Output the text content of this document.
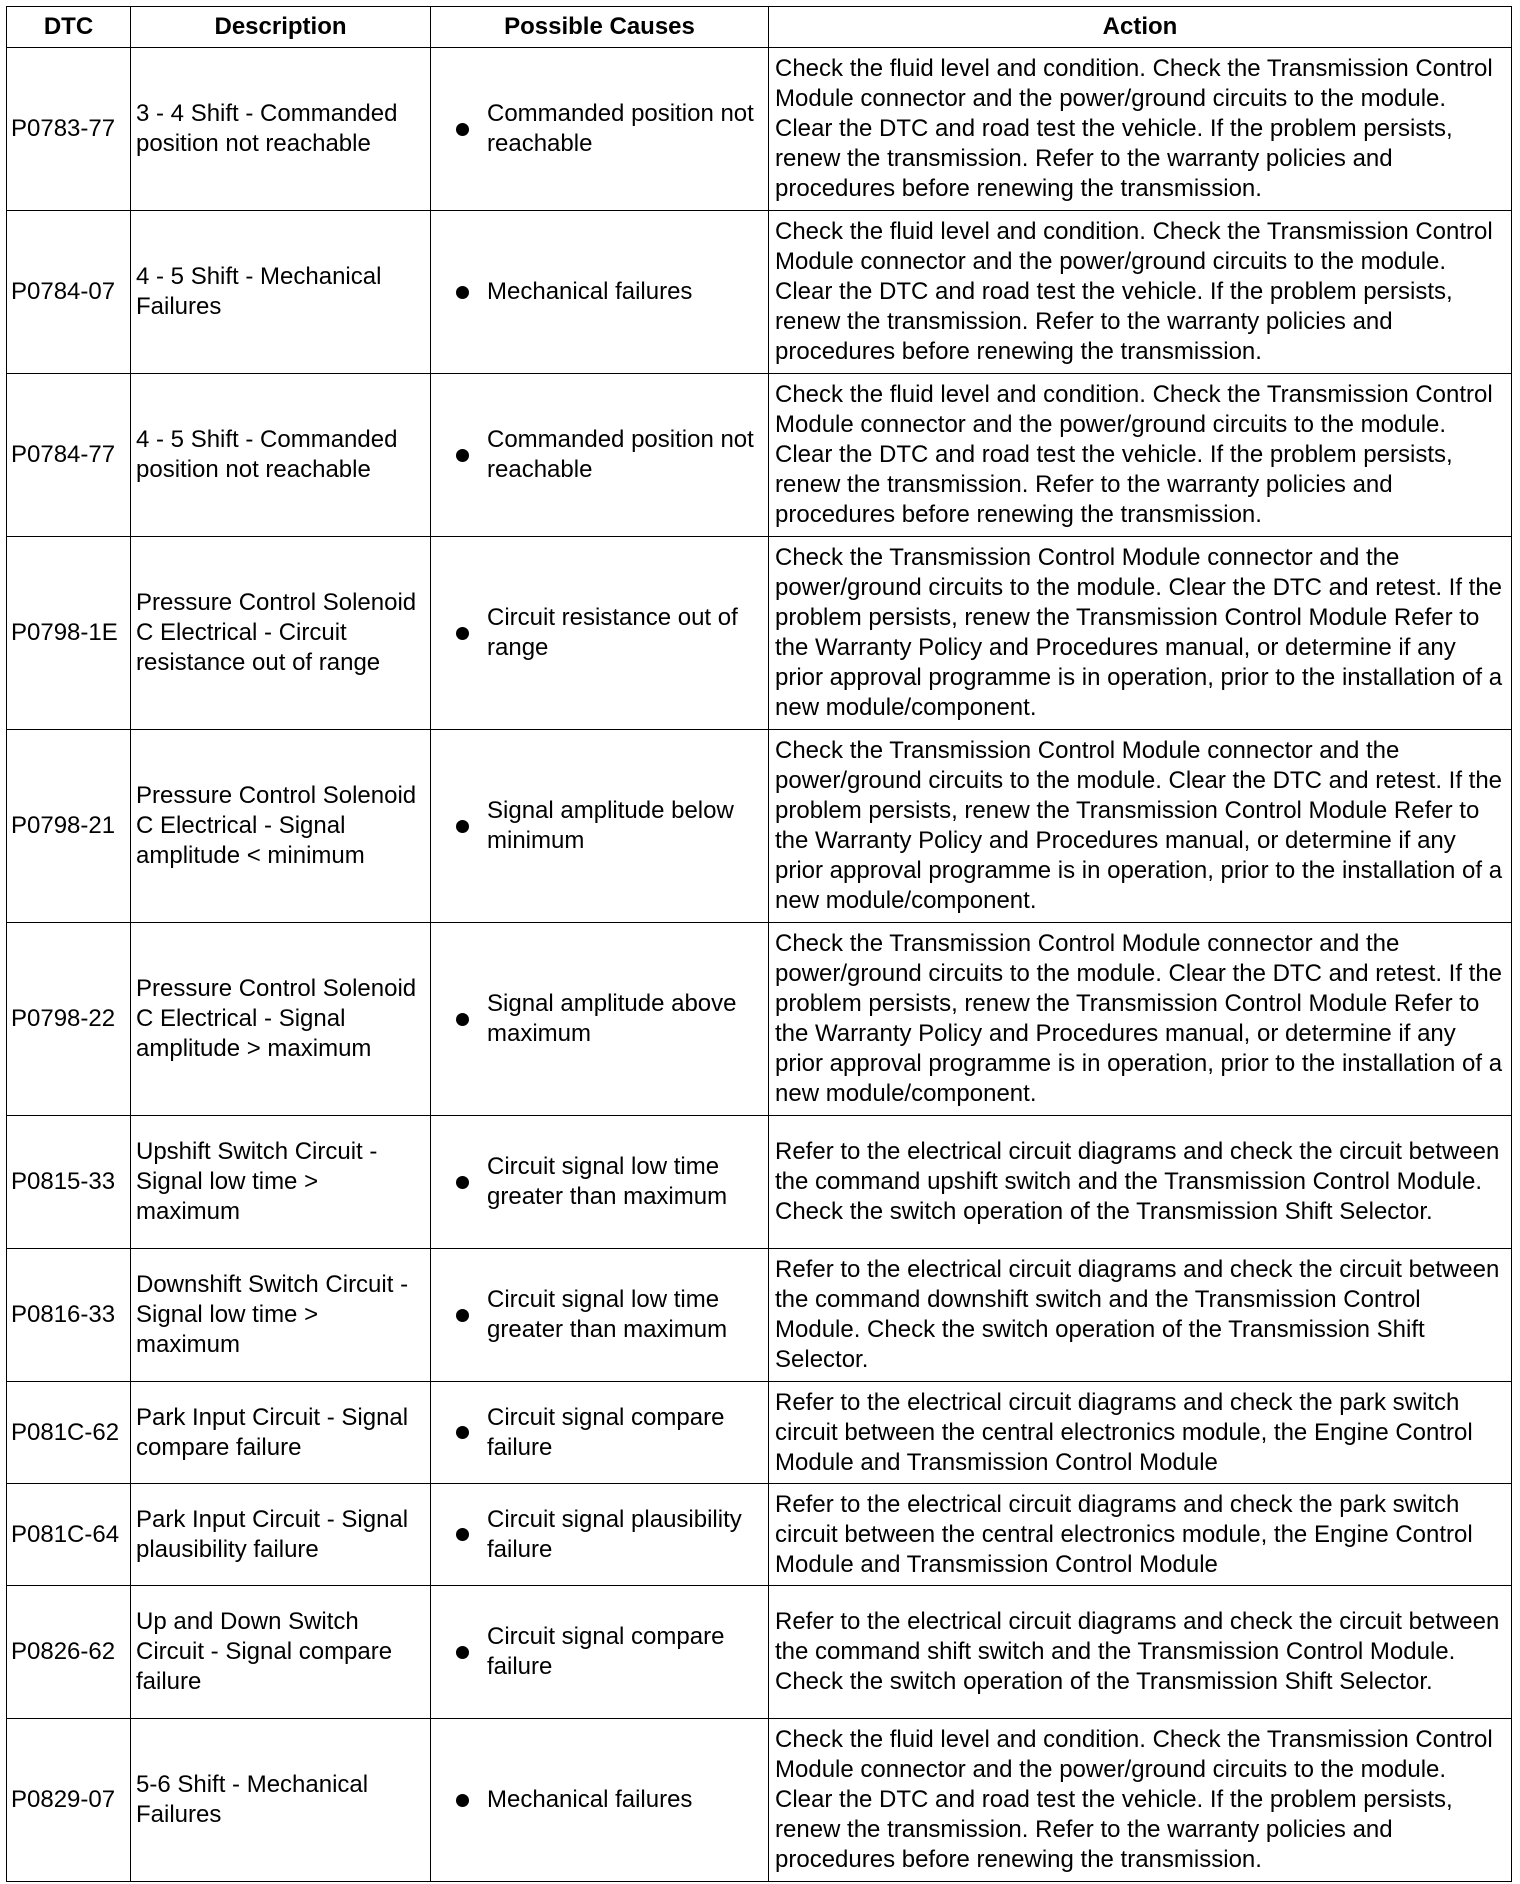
DTC	Description	Possible Causes	Action
P0783-77	3 - 4 Shift - Commanded position not reachable	Commanded position not reachable	Check the fluid level and condition. Check the Transmission Control Module connector and the power/ground circuits to the module. Clear the DTC and road test the vehicle. If the problem persists, renew the transmission. Refer to the warranty policies and procedures before renewing the transmission.
P0784-07	4 - 5 Shift - Mechanical Failures	Mechanical failures	Check the fluid level and condition. Check the Transmission Control Module connector and the power/ground circuits to the module. Clear the DTC and road test the vehicle. If the problem persists, renew the transmission. Refer to the warranty policies and procedures before renewing the transmission.
P0784-77	4 - 5 Shift - Commanded position not reachable	Commanded position not reachable	Check the fluid level and condition. Check the Transmission Control Module connector and the power/ground circuits to the module. Clear the DTC and road test the vehicle. If the problem persists, renew the transmission. Refer to the warranty policies and procedures before renewing the transmission.
P0798-1E	Pressure Control Solenoid C Electrical - Circuit resistance out of range	Circuit resistance out of range	Check the Transmission Control Module connector and the power/ground circuits to the module. Clear the DTC and retest. If the problem persists, renew the Transmission Control Module Refer to the Warranty Policy and Procedures manual, or determine if any prior approval programme is in operation, prior to the installation of a new module/component.
P0798-21	Pressure Control Solenoid C Electrical - Signal amplitude < minimum	Signal amplitude below minimum	Check the Transmission Control Module connector and the power/ground circuits to the module. Clear the DTC and retest. If the problem persists, renew the Transmission Control Module Refer to the Warranty Policy and Procedures manual, or determine if any prior approval programme is in operation, prior to the installation of a new module/component.
P0798-22	Pressure Control Solenoid C Electrical - Signal amplitude > maximum	Signal amplitude above maximum	Check the Transmission Control Module connector and the power/ground circuits to the module. Clear the DTC and retest. If the problem persists, renew the Transmission Control Module Refer to the Warranty Policy and Procedures manual, or determine if any prior approval programme is in operation, prior to the installation of a new module/component.
P0815-33	Upshift Switch Circuit - Signal low time > maximum	Circuit signal low time greater than maximum	Refer to the electrical circuit diagrams and check the circuit between the command upshift switch and the Transmission Control Module. Check the switch operation of the Transmission Shift Selector.
P0816-33	Downshift Switch Circuit - Signal low time > maximum	Circuit signal low time greater than maximum	Refer to the electrical circuit diagrams and check the circuit between the command downshift switch and the Transmission Control Module. Check the switch operation of the Transmission Shift Selector.
P081C-62	Park Input Circuit - Signal compare failure	Circuit signal compare failure	Refer to the electrical circuit diagrams and check the park switch circuit between the central electronics module, the Engine Control Module and Transmission Control Module
P081C-64	Park Input Circuit - Signal plausibility failure	Circuit signal plausibility failure	Refer to the electrical circuit diagrams and check the park switch circuit between the central electronics module, the Engine Control Module and Transmission Control Module
P0826-62	Up and Down Switch Circuit - Signal compare failure	Circuit signal compare failure	Refer to the electrical circuit diagrams and check the circuit between the command shift switch and the Transmission Control Module. Check the switch operation of the Transmission Shift Selector.
P0829-07	5-6 Shift - Mechanical Failures	Mechanical failures	Check the fluid level and condition. Check the Transmission Control Module connector and the power/ground circuits to the module. Clear the DTC and road test the vehicle. If the problem persists, renew the transmission. Refer to the warranty policies and procedures before renewing the transmission.
